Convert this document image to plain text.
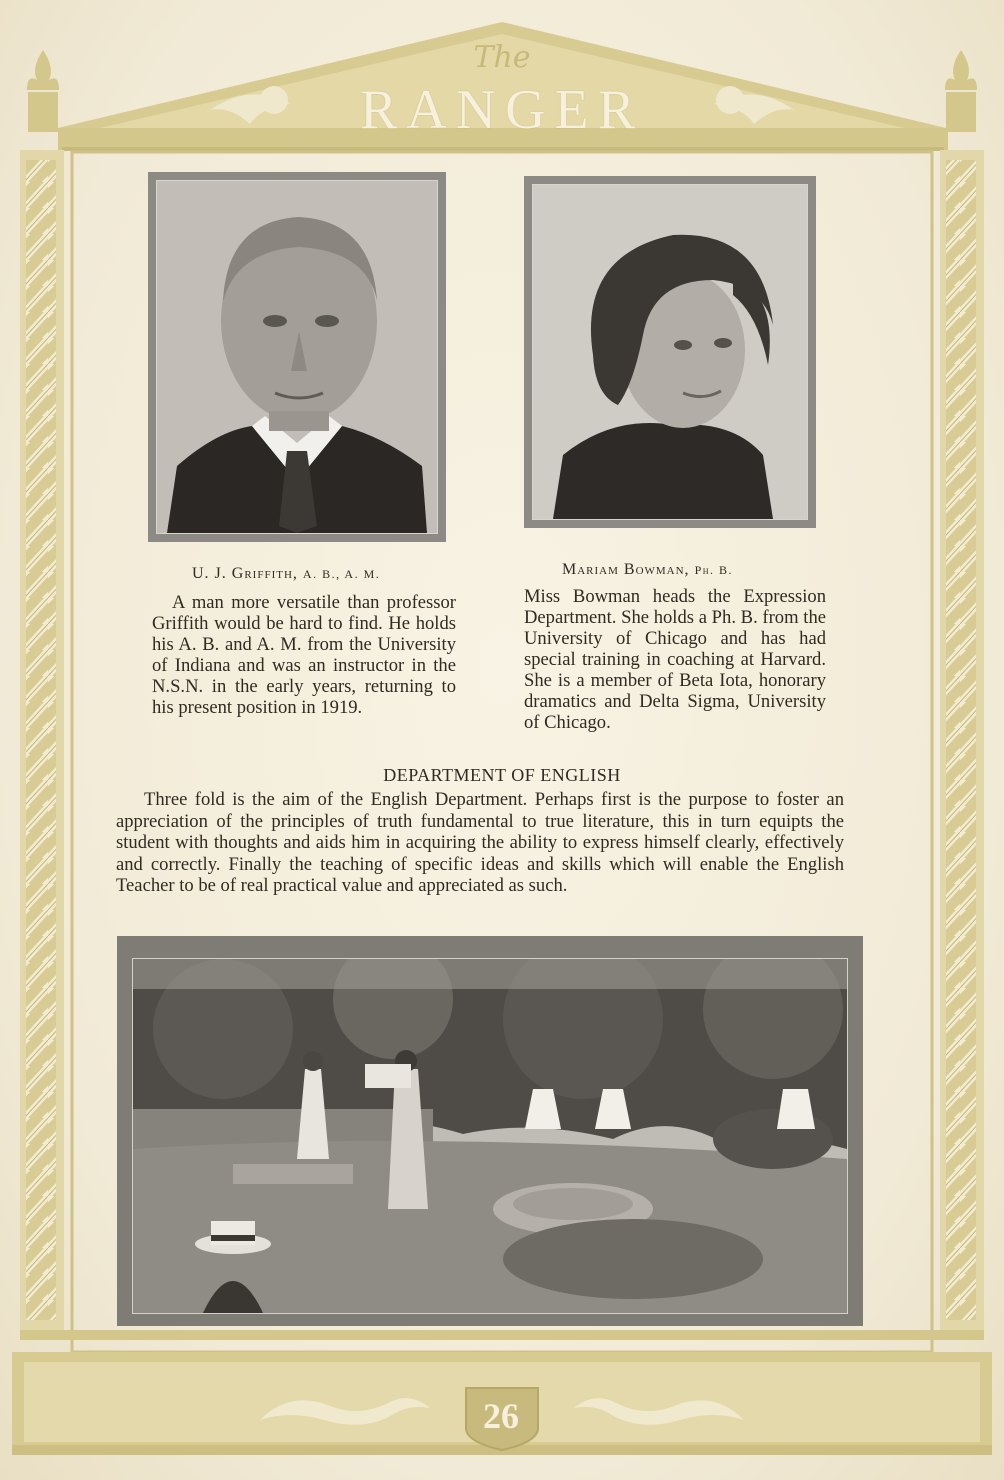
The
RANGER
26
U. J. Griffith, A. B., A. M.
A man more versatile than professor Griffith would be hard to find. He holds his A. B. and A. M. from the University of Indiana and was an instructor in the N.S.N. in the early years, returning to his present position in 1919.
Mariam Bowman, Ph. B.
Miss Bowman heads the Expression Department. She holds a Ph. B. from the University of Chicago and has had special training in coaching at Harvard. She is a member of Beta Iota, honorary dramatics and Delta Sigma, University of Chicago.
DEPARTMENT OF ENGLISH
Three fold is the aim of the English Department. Perhaps first is the purpose to foster an appreciation of the principles of truth fundamental to true literature, this in turn equipts the student with thoughts and aids him in acquiring the ability to express himself clearly, effectively and correctly. Finally the teaching of specific ideas and skills which will enable the English Teacher to be of real practical value and appreciated as such.
